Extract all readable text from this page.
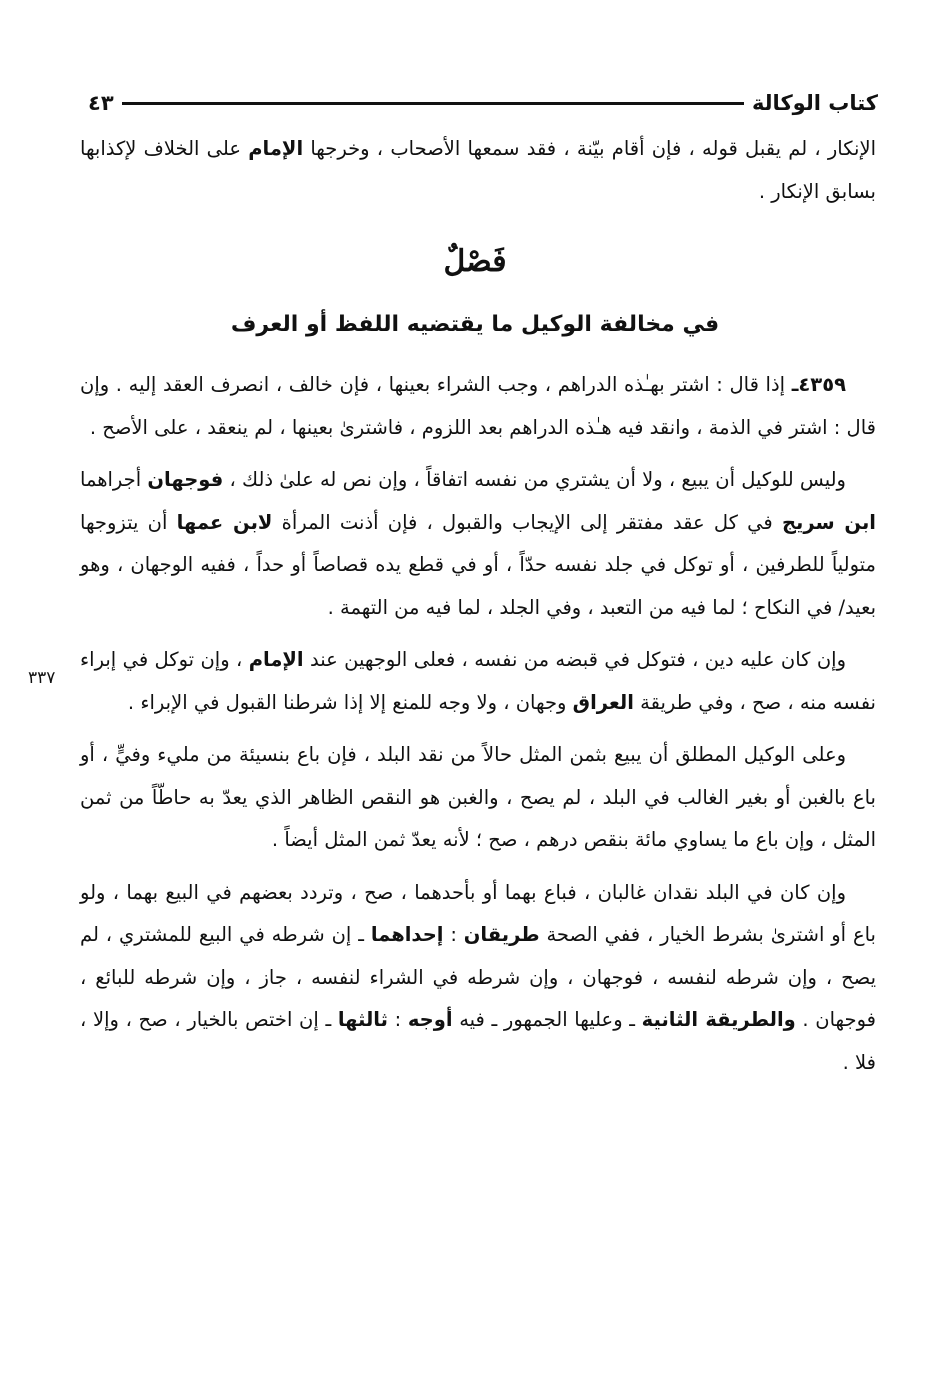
كتاب الوكالة
٤٣

الإنكار ، لم يقبل قوله ، فإن أقام بيّنة ، فقد سمعها الأصحاب ، وخرجها الإمام على الخلاف لإكذابها بسابق الإنكار .

فَصْلٌ
في مخالفة الوكيل ما يقتضيه اللفظ أو العرف

٤٣٥٩ـ إذا قال : اشتر بهـٰذه الدراهم ، وجب الشراء بعينها ، فإن خالف ، انصرف العقد إليه . وإن قال : اشتر في الذمة ، وانقد فيه هـٰذه الدراهم بعد اللزوم ، فاشترىٰ بعينها ، لم ينعقد ، على الأصح .

وليس للوكيل أن يبيع ، ولا أن يشتري من نفسه اتفاقاً ، وإن نص له علىٰ ذلك ، فوجهان أجراهما ابن سريج في كل عقد مفتقر إلى الإيجاب والقبول ، فإن أذنت المرأة لابن عمها أن يتزوجها متولياً للطرفين ، أو توكل في جلد نفسه حدّاً ، أو في قطع يده قصاصاً أو حداً ، ففيه الوجهان ، وهو بعيد/ في النكاح ؛ لما فيه من التعبد ، وفي الجلد ، لما فيه من التهمة .

وإن كان عليه دين ، فتوكل في قبضه من نفسه ، فعلى الوجهين عند الإمام ، وإن توكل في إبراء نفسه منه ، صح ، وفي طريقة العراق وجهان ، ولا وجه للمنع إلا إذا شرطنا القبول في الإبراء .

وعلى الوكيل المطلق أن يبيع بثمن المثل حالاً من نقد البلد ، فإن باع بنسيئة من مليء وفيٍّ ، أو باع بالغبن أو بغير الغالب في البلد ، لم يصح ، والغبن هو النقص الظاهر الذي يعدّ به حاطّاً من ثمن المثل ، وإن باع ما يساوي مائة بنقص درهم ، صح ؛ لأنه يعدّ ثمن المثل أيضاً .

وإن كان في البلد نقدان غالبان ، فباع بهما أو بأحدهما ، صح ، وتردد بعضهم في البيع بهما ، ولو باع أو اشترىٰ بشرط الخيار ، ففي الصحة طريقان : إحداهما ـ إن شرطه في البيع للمشتري ، لم يصح ، وإن شرطه لنفسه ، فوجهان ، وإن شرطه في الشراء لنفسه ، جاز ، وإن شرطه للبائع ، فوجهان . والطريقة الثانية ـ وعليها الجمهور ـ فيه أوجه : ثالثها ـ إن اختص بالخيار ، صح ، وإلا ، فلا .

٣٣٧
